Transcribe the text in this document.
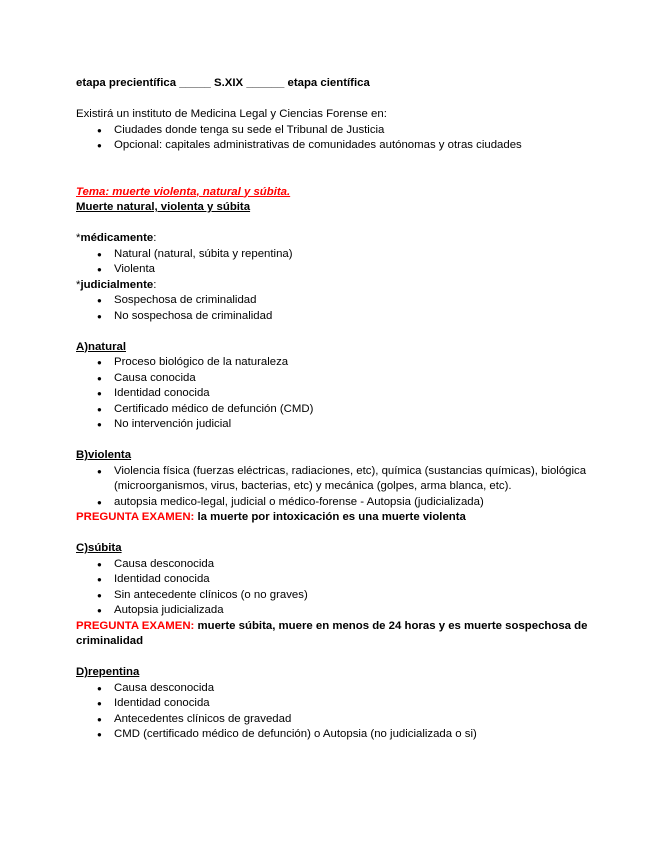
etapa precientífica _____ S.XIX ______ etapa científica

Existirá un instituto de Medicina Legal y Ciencias Forense en:

● Ciudades donde tenga su sede el Tribunal de Justicia
● Opcional: capitales administrativas de comunidades autónomas y otras ciudades

Tema: muerte violenta, natural y súbita.

Muerte natural, violenta y súbita

*médicamente:

● Natural (natural, súbita y repentina)
● Violenta

*judicialmente:

● Sospechosa de criminalidad
● No sospechosa de criminalidad

A)natural

● Proceso biológico de la naturaleza
● Causa conocida
● Identidad conocida
● Certificado médico de defunción (CMD)
● No intervención judicial

B)violenta

● Violencia física (fuerzas eléctricas, radiaciones, etc), química (sustancias químicas), biológica (microorganismos, virus, bacterias, etc) y mecánica (golpes, arma blanca, etc).
● autopsia medico-legal, judicial o médico-forense - Autopsia (judicializada)

PREGUNTA EXAMEN: la muerte por intoxicación es una muerte violenta

C)súbita

● Causa desconocida
● Identidad conocida
● Sin antecedente clínicos (o no graves)
● Autopsia judicializada

PREGUNTA EXAMEN: muerte súbita, muere en menos de 24 horas y es muerte sospechosa de criminalidad

D)repentina

● Causa desconocida
● Identidad conocida
● Antecedentes clínicos de gravedad
● CMD (certificado médico de defunción) o Autopsia (no judicializada o si)
